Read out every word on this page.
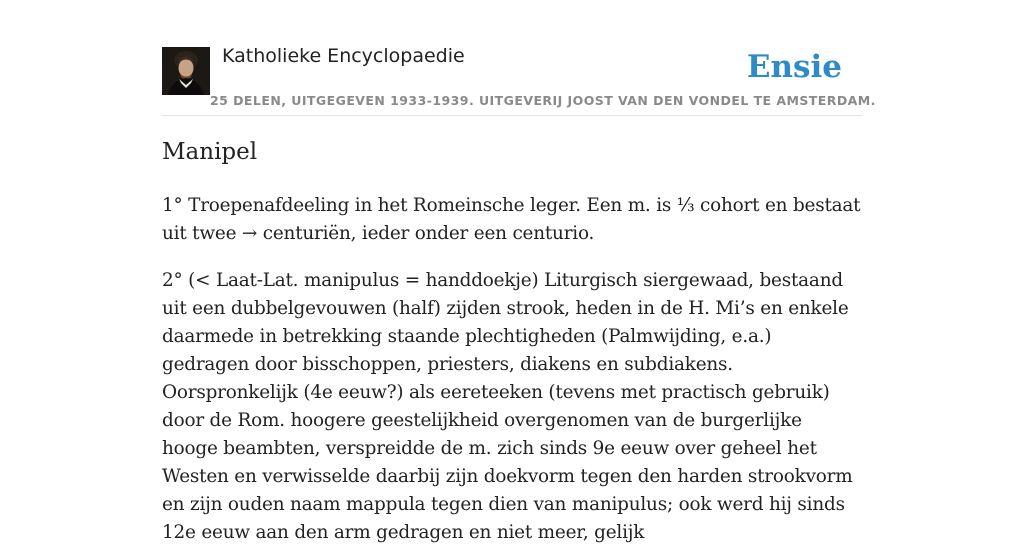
Katholieke Encyclopaedie
25 DELEN, UITGEGEVEN 1933-1939. UITGEVERIJ JOOST VAN DEN VONDEL TE AMSTERDAM.
Ensie
Manipel

1° Troepenafdeeling in het Romeinsche leger. Een m. is ⅓ cohort en bestaat uit twee → centuriën, ieder onder een centurio.

2° (< Laat-Lat. manipulus = handdoekje) Liturgisch siergewaad, bestaand uit een dubbelgevouwen (half) zijden strook, heden in de H. Mi’s en enkele daarmede in betrekking staande plechtigheden (Palmwijding, e.a.) gedragen door bisschoppen, priesters, diakens en subdiakens. Oorspronkelijk (4e eeuw?) als eereteeken (tevens met practisch gebruik) door de Rom. hoogere geestelijkheid overgenomen van de burgerlijke hooge beambten, verspreidde de m. zich sinds 9e eeuw over geheel het Westen en verwisselde daarbij zijn doekvorm tegen den harden strookvorm en zijn ouden naam mappula tegen dien van manipulus; ook werd hij sinds 12e eeuw aan den arm gedragen en niet meer, gelijk
